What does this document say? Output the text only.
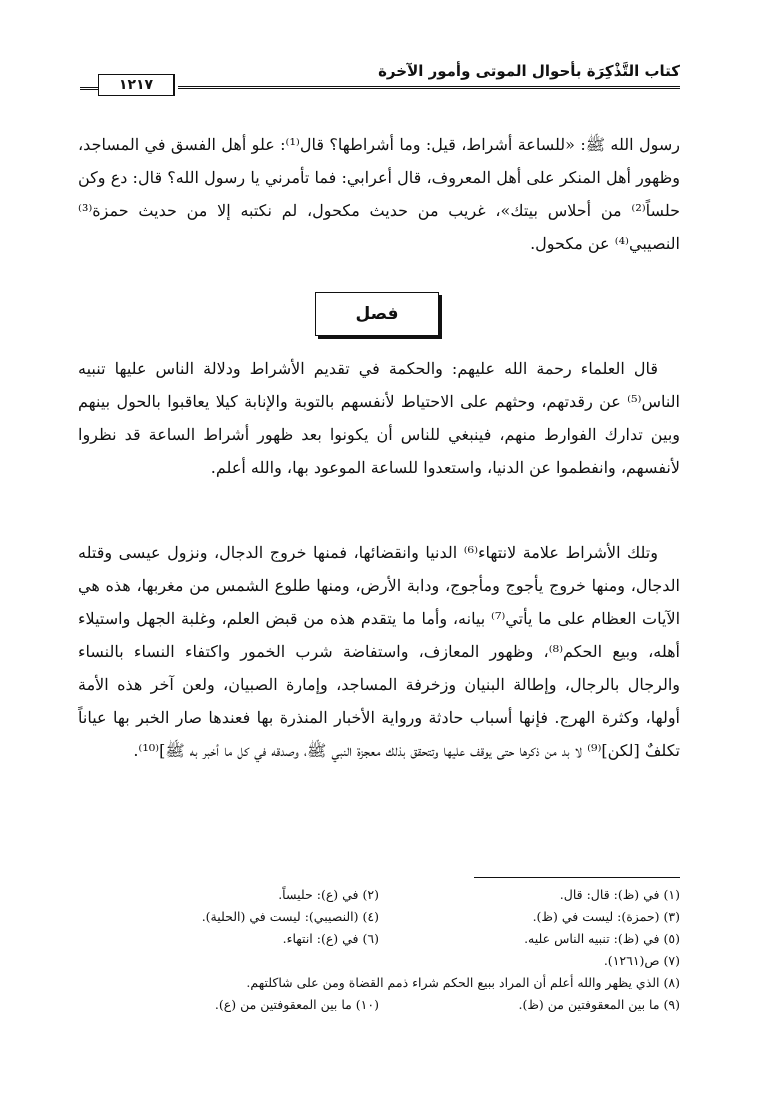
كتاب التَّذْكِرَة بأحوال الموتى وأمور الآخرة
١٢١٧

رسول الله ﷺ: «للساعة أشراط، قيل: وما أشراطها؟ قال⁽¹⁾: علو أهل الفسق في المساجد، وظهور أهل المنكر على أهل المعروف، قال أعرابي: فما تأمرني يا رسول الله؟ قال: دع وكن حلساً⁽²⁾ من أحلاس بيتك»، غريب من حديث مكحول، لم نكتبه إلا من حديث حمزة⁽³⁾ النصيبي⁽⁴⁾ عن مكحول.

فصل

قال العلماء رحمة الله عليهم: والحكمة في تقديم الأشراط ودلالة الناس عليها تنبيه الناس⁽⁵⁾ عن رقدتهم، وحثهم على الاحتياط لأنفسهم بالتوبة والإنابة كيلا يعاقبوا بالحول بينهم وبين تدارك الفوارط منهم، فينبغي للناس أن يكونوا بعد ظهور أشراط الساعة قد نظروا لأنفسهم، وانفطموا عن الدنيا، واستعدوا للساعة الموعود بها، والله أعلم.

وتلك الأشراط علامة لانتهاء⁽⁶⁾ الدنيا وانقضائها، فمنها خروج الدجال، ونزول عيسى وقتله الدجال، ومنها خروج يأجوج ومأجوج، ودابة الأرض، ومنها طلوع الشمس من مغربها، هذه هي الآيات العظام على ما يأتي⁽⁷⁾ بيانه، وأما ما يتقدم هذه من قبض العلم، وغلبة الجهل واستيلاء أهله، وبيع الحكم⁽⁸⁾، وظهور المعازف، واستفاضة شرب الخمور واكتفاء النساء بالنساء والرجال بالرجال، وإطالة البنيان وزخرفة المساجد، وإمارة الصبيان، ولعن آخر هذه الأمة أولها، وكثرة الهرج. فإنها أسباب حادثة ورواية الأخبار المنذرة بها فعندها صار الخبر بها عياناً تكلفٌ [لكن]⁽⁹⁾ لا بد من ذكرها حتى يوقف عليها وتتحقق بذلك معجزة النبي ﷺ، وصدقه في كل ما أخبر به ﷺ]⁽¹⁰⁾.

(١) في (ظ): قال: قال.
(٢) في (ع): حليساً.
(٣) (حمزة): ليست في (ظ).
(٤) (النصيبي): ليست في (الحلية).
(٥) في (ظ): تنبيه الناس عليه.
(٦) في (ع): انتهاء.
(٧) ص(١٢٦١).
(٨) الذي يظهر والله أعلم أن المراد ببيع الحكم شراء ذمم القضاة ومن على شاكلتهم.
(٩) ما بين المعقوفتين من (ظ).
(١٠) ما بين المعقوفتين من (ع).
